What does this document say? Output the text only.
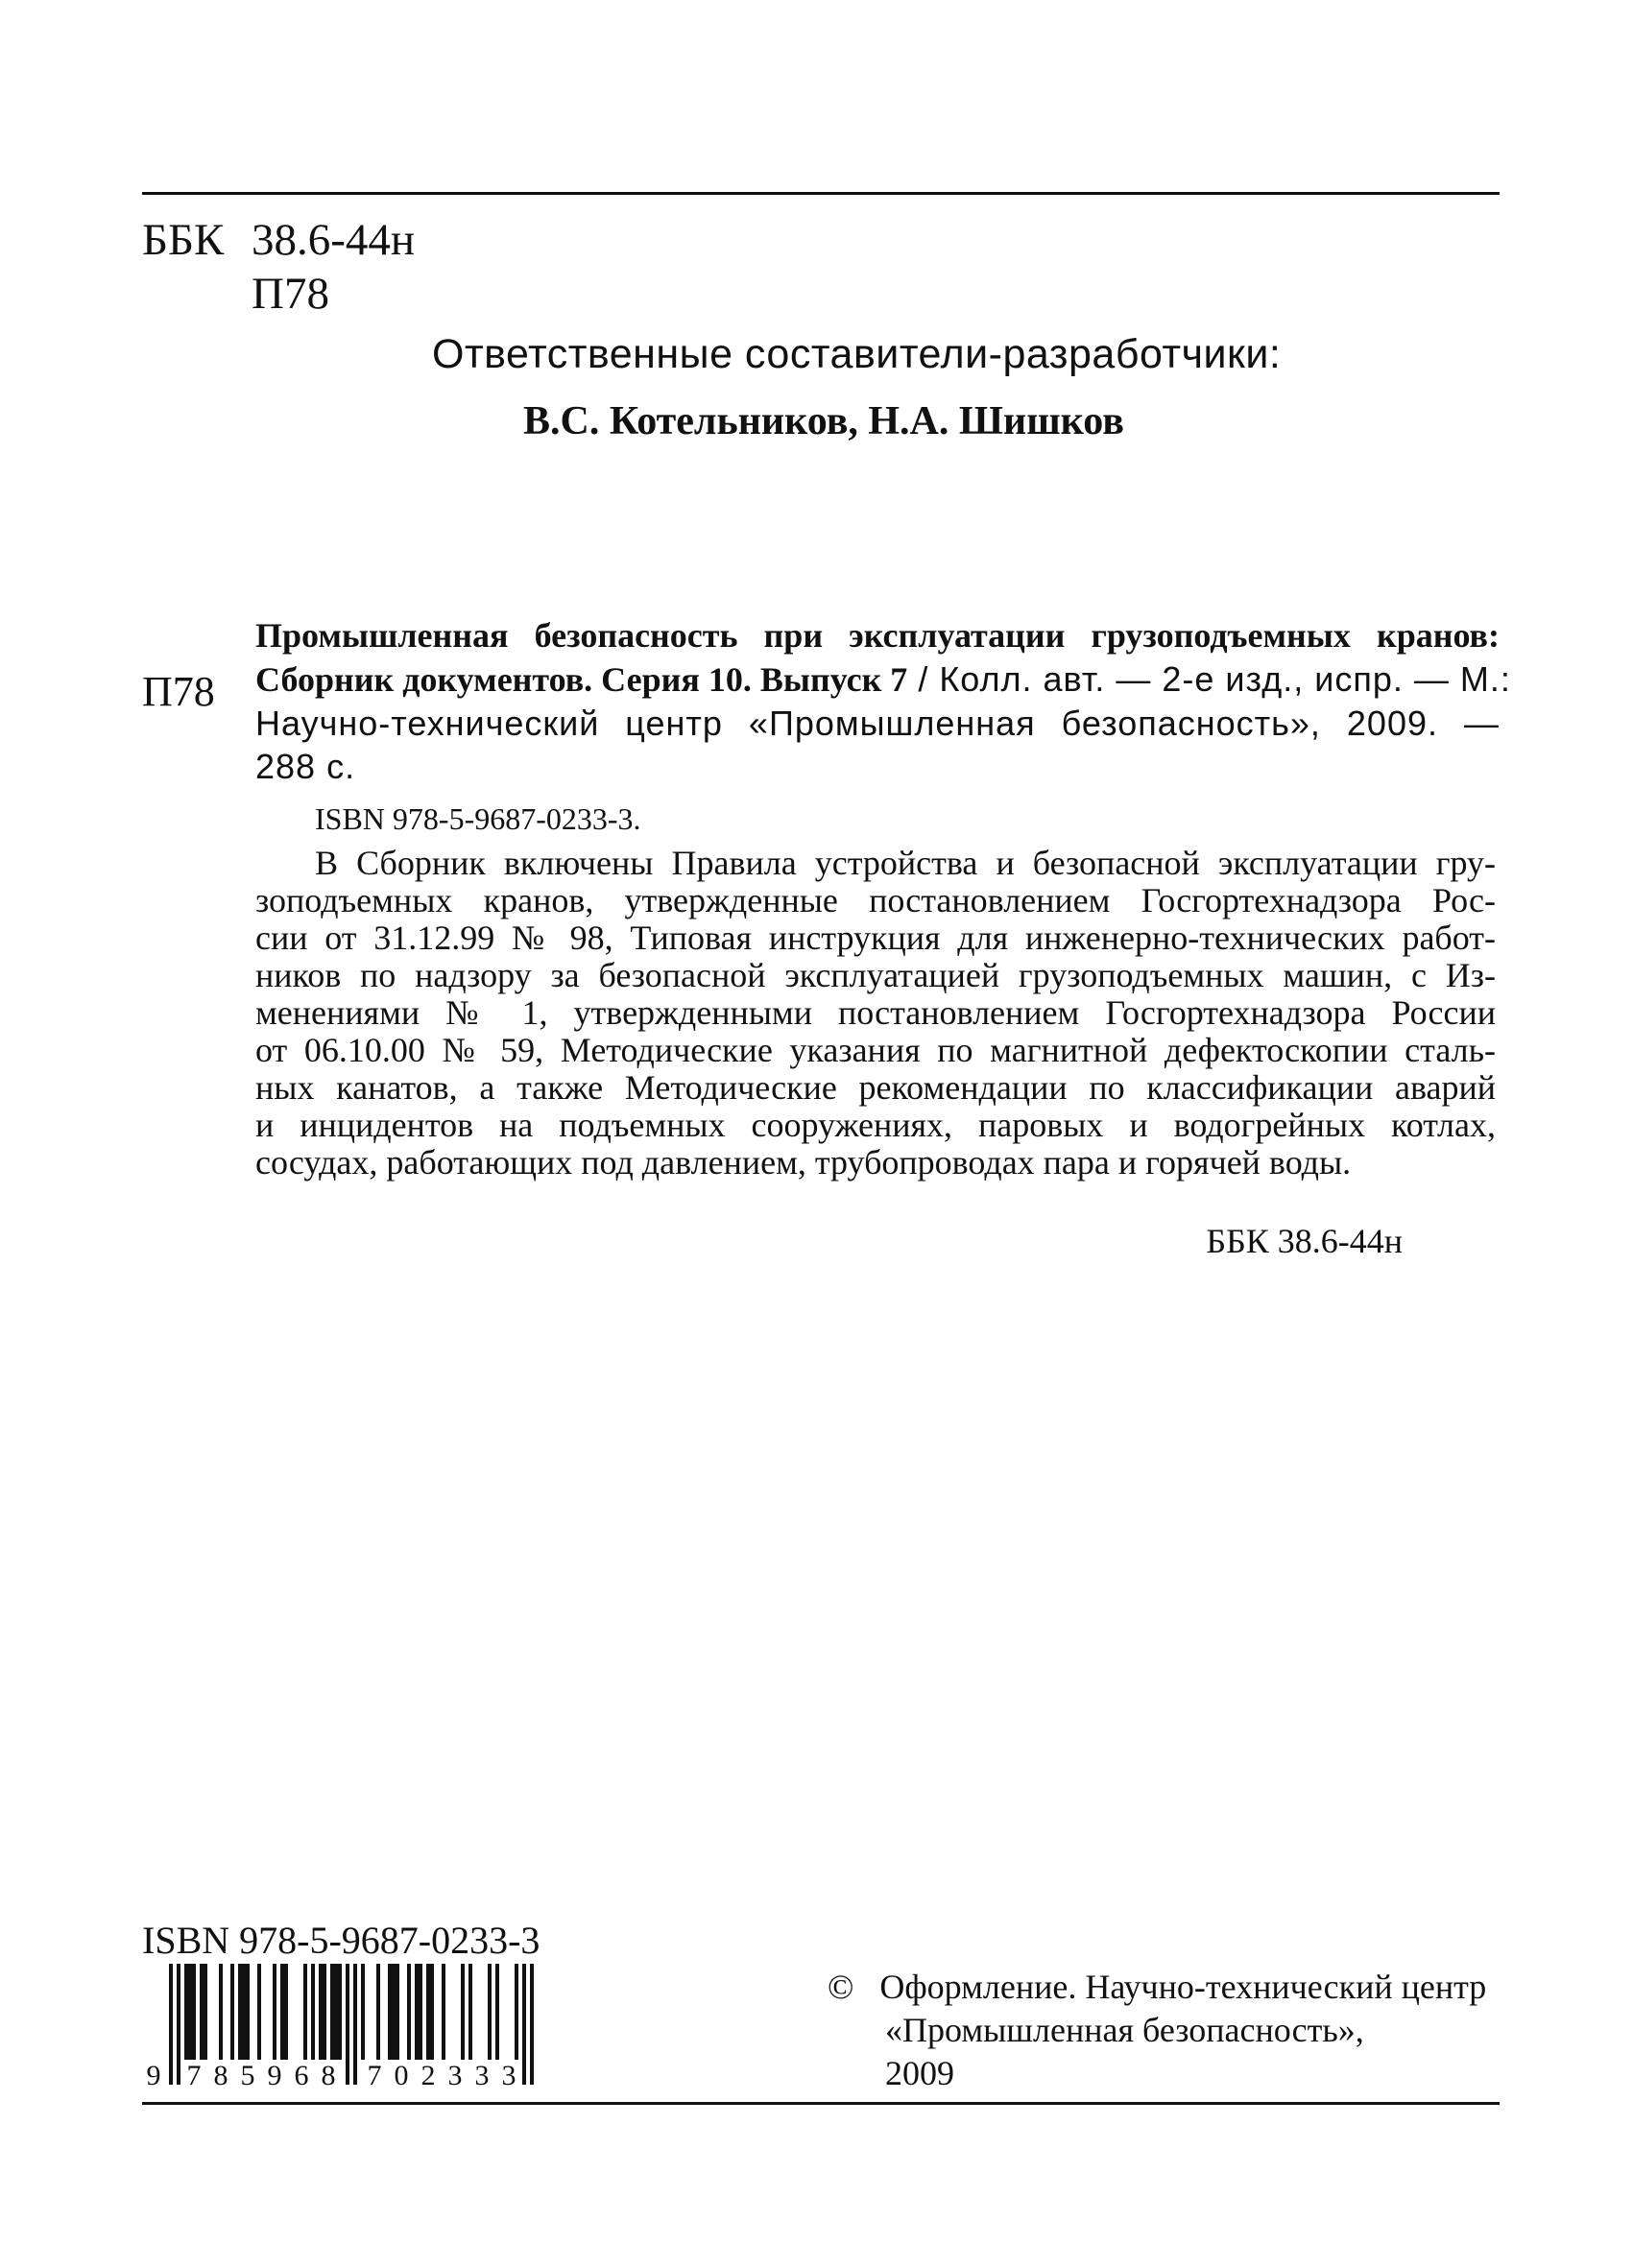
ББК 38.6-44н
П78
Ответственные составители-разработчики:
В.С. Котельников, Н.А. Шишков
П78
Промышленная безопасность при эксплуатации грузоподъемных кранов:
Сборник документов. Серия 10. Выпуск 7 / Колл. авт. — 2-е изд., испр. — М.:
Научно-технический центр «Промышленная безопасность», 2009. —
288 с.
ISBN 978-5-9687-0233-3.
В Сборник включены Правила устройства и безопасной эксплуатации гру-
зоподъемных кранов, утвержденные постановлением Госгортехнадзора Рос-
сии от 31.12.99 № 98, Типовая инструкция для инженерно-технических работ-
ников по надзору за безопасной эксплуатацией грузоподъемных машин, с Из-
менениями № 1, утвержденными постановлением Госгортехнадзора России
от 06.10.00 № 59, Методические указания по магнитной дефектоскопии сталь-
ных канатов, а также Методические рекомендации по классификации аварий
и инцидентов на подъемных сооружениях, паровых и водогрейных котлах,
сосудах, работающих под давлением, трубопроводах пара и горячей воды.
ББК 38.6-44н
ISBN 978-5-9687-0233-3
9 7 8 5 9 6 8 7 0 2 3 3 3
© Оформление. Научно-технический центр
«Промышленная безопасность»,
2009
